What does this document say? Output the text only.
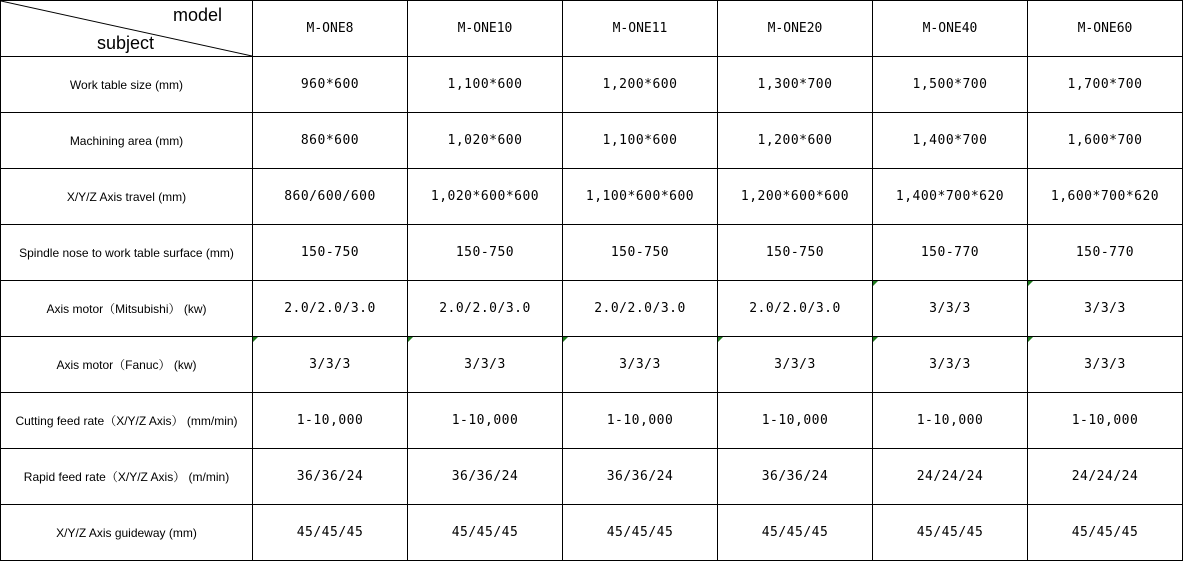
model
subject	M-ONE8	M-ONE10	M-ONE11	M-ONE20	M-ONE40	M-ONE60
Work table size (mm)	960*600	1,100*600	1,200*600	1,300*700	1,500*700	1,700*700
Machining area (mm)	860*600	1,020*600	1,100*600	1,200*600	1,400*700	1,600*700
X/Y/Z Axis travel (mm)	860/600/600	1,020*600*600	1,100*600*600	1,200*600*600	1,400*700*620	1,600*700*620
Spindle nose to work table surface (mm)	150-750	150-750	150-750	150-750	150-770	150-770
Axis motor（Mitsubishi） (kw)	2.0/2.0/3.0	2.0/2.0/3.0	2.0/2.0/3.0	2.0/2.0/3.0	3/3/3	3/3/3
Axis motor（Fanuc） (kw)	3/3/3	3/3/3	3/3/3	3/3/3	3/3/3	3/3/3
Cutting feed rate（X/Y/Z Axis） (mm/min)	1-10,000	1-10,000	1-10,000	1-10,000	1-10,000	1-10,000
Rapid feed rate（X/Y/Z Axis） (m/min)	36/36/24	36/36/24	36/36/24	36/36/24	24/24/24	24/24/24
X/Y/Z Axis guideway (mm)	45/45/45	45/45/45	45/45/45	45/45/45	45/45/45	45/45/45
